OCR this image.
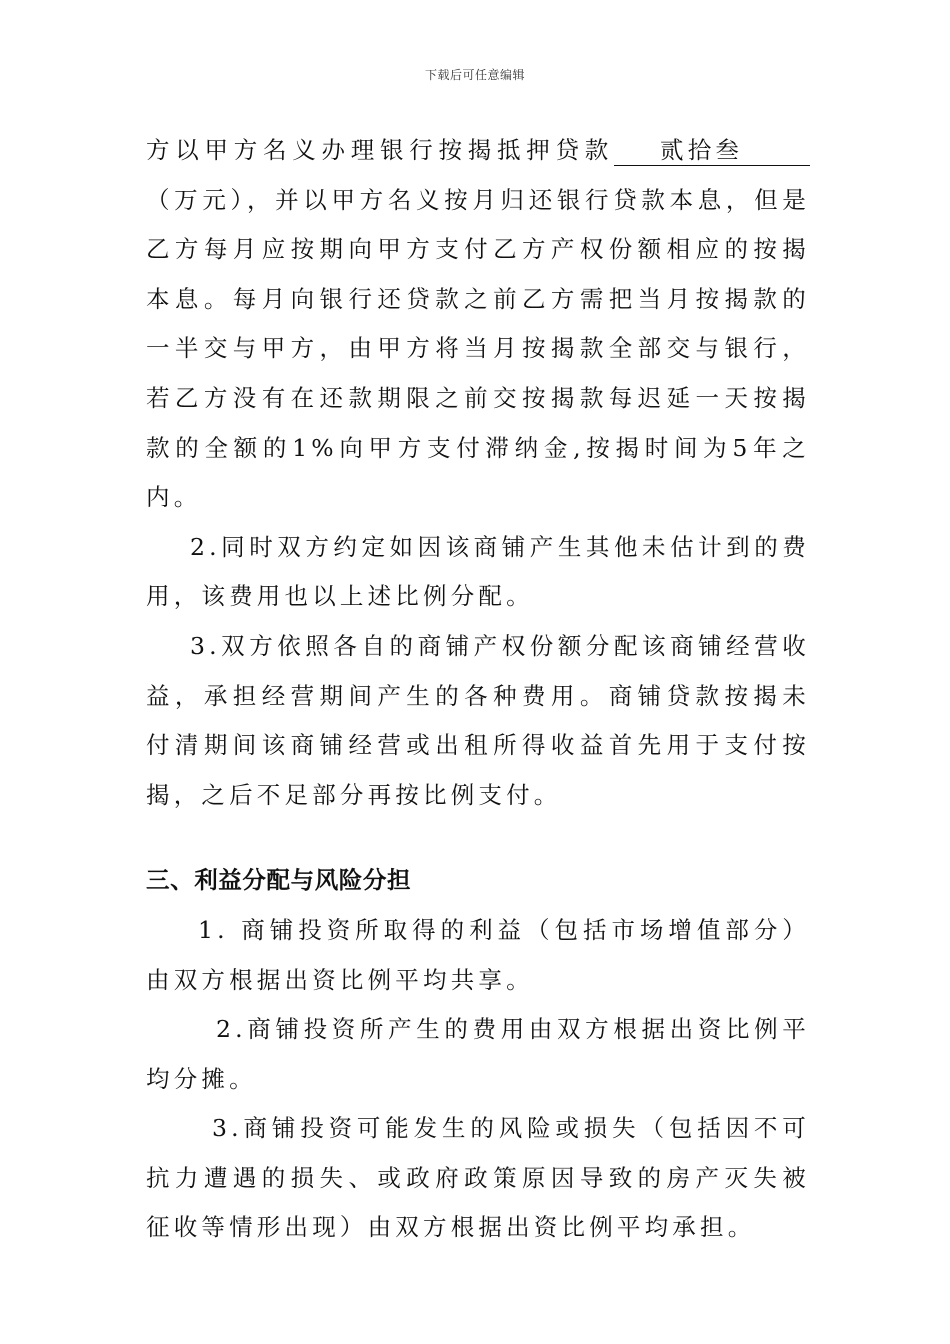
下载后可任意编辑

方以甲方名义办理银行按揭抵押贷款 贰拾叁（万元），并以甲方名义按月归还银行贷款本息，但是乙方每月应按期向甲方支付乙方产权份额相应的按揭本息。每月向银行还贷款之前乙方需把当月按揭款的一半交与甲方，由甲方将当月按揭款全部交与银行，若乙方没有在还款期限之前交按揭款每迟延一天按揭款的全额的1%向甲方支付滞纳金,按揭时间为5年之内。

2.同时双方约定如因该商铺产生其他未估计到的费用，该费用也以上述比例分配。

3.双方依照各自的商铺产权份额分配该商铺经营收益，承担经营期间产生的各种费用。商铺贷款按揭未付清期间该商铺经营或出租所得收益首先用于支付按揭，之后不足部分再按比例支付。

三、利益分配与风险分担

1. 商铺投资所取得的利益（包括市场增值部分）由双方根据出资比例平均共享。

2.商铺投资所产生的费用由双方根据出资比例平均分摊。

3.商铺投资可能发生的风险或损失（包括因不可抗力遭遇的损失、或政府政策原因导致的房产灭失被征收等情形出现）由双方根据出资比例平均承担。
